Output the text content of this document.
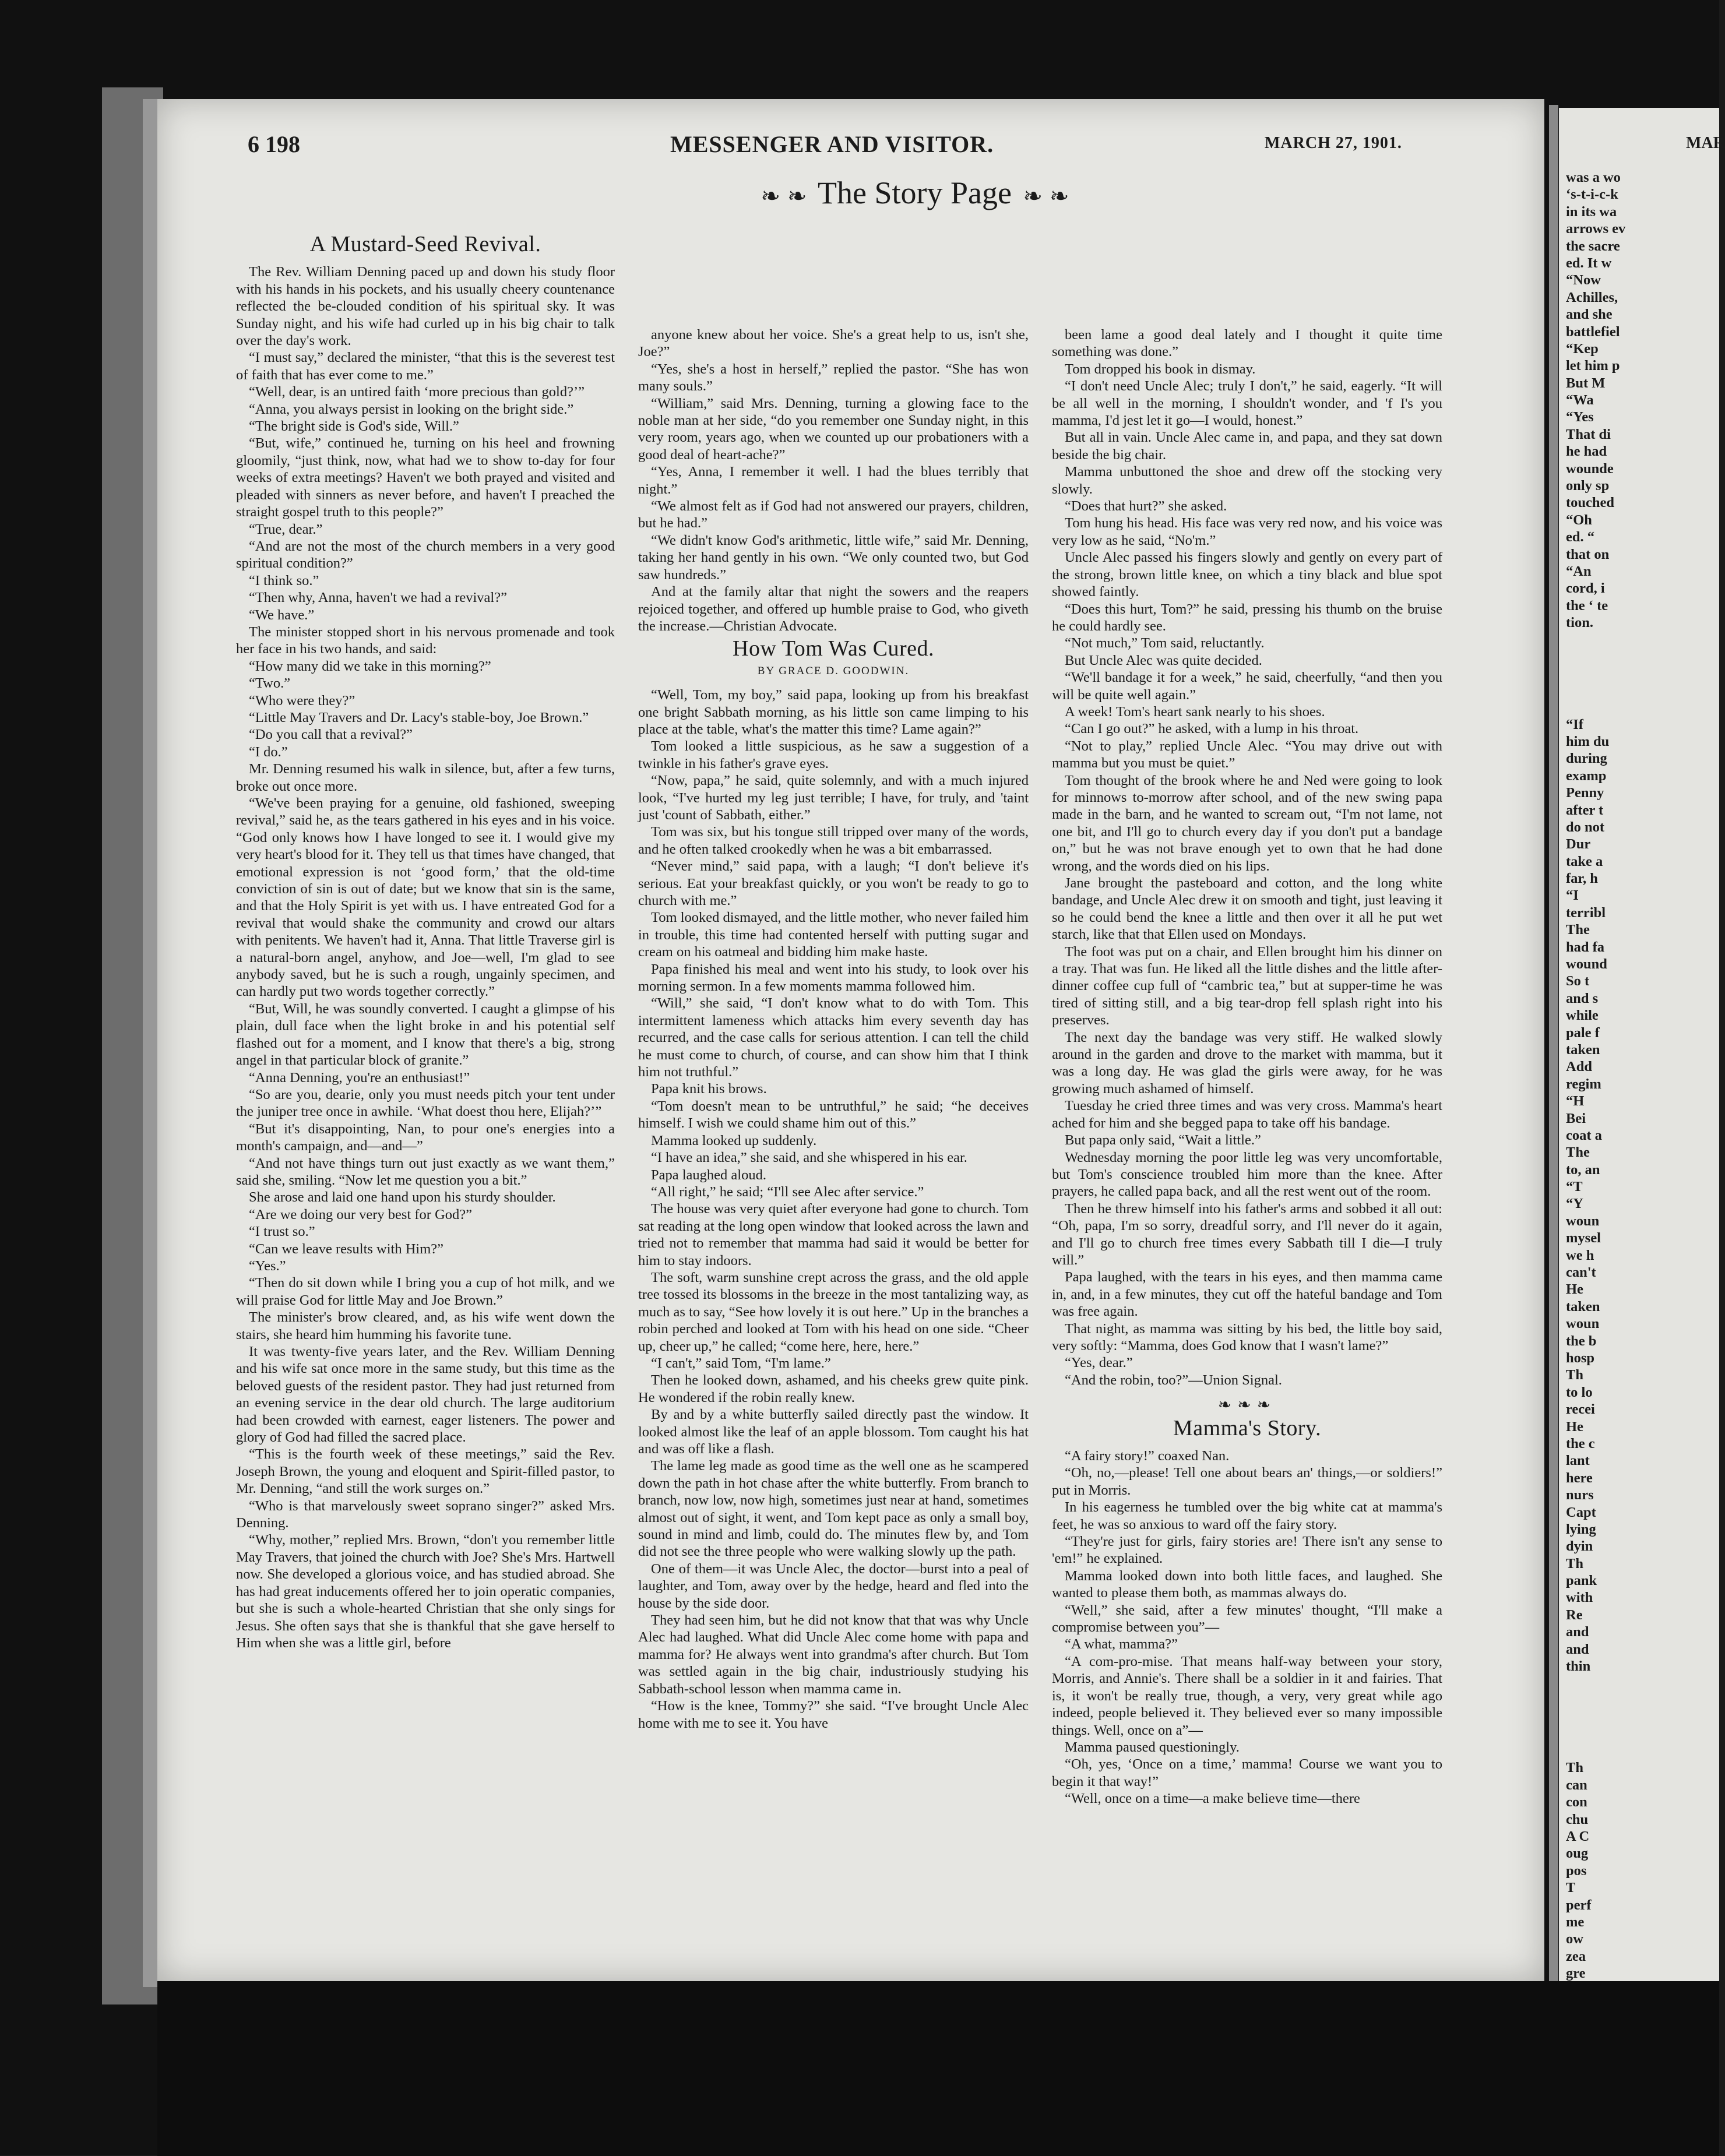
6 198	MESSENGER AND VISITOR.	MARCH 27, 1901.
❧ ❧ The Story Page ❧ ❧
A Mustard-Seed Revival.

The Rev. William Denning paced up and down his study floor with his hands in his pockets, and his usually cheery countenance reflected the be-clouded condition of his spiritual sky. It was Sunday night, and his wife had curled up in his big chair to talk over the day's work.

“I must say,” declared the minister, “that this is the severest test of faith that has ever come to me.”

“Well, dear, is an untired faith ‘more precious than gold?’”

“Anna, you always persist in looking on the bright side.”

“The bright side is God's side, Will.”

“But, wife,” continued he, turning on his heel and frowning gloomily, “just think, now, what had we to show to-day for four weeks of extra meetings? Haven't we both prayed and visited and pleaded with sinners as never before, and haven't I preached the straight gospel truth to this people?”

“True, dear.”

“And are not the most of the church members in a very good spiritual condition?”

“I think so.”

“Then why, Anna, haven't we had a revival?”

“We have.”

The minister stopped short in his nervous promenade and took her face in his two hands, and said:

“How many did we take in this morning?”

“Two.”

“Who were they?”

“Little May Travers and Dr. Lacy's stable-boy, Joe Brown.”

“Do you call that a revival?”

“I do.”

Mr. Denning resumed his walk in silence, but, after a few turns, broke out once more.

“We've been praying for a genuine, old fashioned, sweeping revival,” said he, as the tears gathered in his eyes and in his voice. “God only knows how I have longed to see it. I would give my very heart's blood for it. They tell us that times have changed, that emotional expression is not ‘good form,’ that the old-time conviction of sin is out of date; but we know that sin is the same, and that the Holy Spirit is yet with us. I have entreated God for a revival that would shake the community and crowd our altars with penitents. We haven't had it, Anna. That little Traverse girl is a natural-born angel, anyhow, and Joe—well, I'm glad to see anybody saved, but he is such a rough, ungainly specimen, and can hardly put two words together correctly.”

“But, Will, he was soundly converted. I caught a glimpse of his plain, dull face when the light broke in and his potential self flashed out for a moment, and I know that there's a big, strong angel in that particular block of granite.”

“Anna Denning, you're an enthusiast!”

“So are you, dearie, only you must needs pitch your tent under the juniper tree once in awhile. ‘What doest thou here, Elijah?’”

“But it's disappointing, Nan, to pour one's energies into a month's campaign, and—and—”

“And not have things turn out just exactly as we want them,” said she, smiling. “Now let me question you a bit.”

She arose and laid one hand upon his sturdy shoulder.

“Are we doing our very best for God?”

“I trust so.”

“Can we leave results with Him?”

“Yes.”

“Then do sit down while I bring you a cup of hot milk, and we will praise God for little May and Joe Brown.”

The minister's brow cleared, and, as his wife went down the stairs, she heard him humming his favorite tune.

It was twenty-five years later, and the Rev. William Denning and his wife sat once more in the same study, but this time as the beloved guests of the resident pastor. They had just returned from an evening service in the dear old church. The large auditorium had been crowded with earnest, eager listeners. The power and glory of God had filled the sacred place.

“This is the fourth week of these meetings,” said the Rev. Joseph Brown, the young and eloquent and Spirit-filled pastor, to Mr. Denning, “and still the work surges on.”

“Who is that marvelously sweet soprano singer?” asked Mrs. Denning.

“Why, mother,” replied Mrs. Brown, “don't you remember little May Travers, that joined the church with Joe? She's Mrs. Hartwell now. She developed a glorious voice, and has studied abroad. She has had great inducements offered her to join operatic companies, but she is such a whole-hearted Christian that she only sings for Jesus. She often says that she is thankful that she gave herself to Him when she was a little girl, before

anyone knew about her voice. She's a great help to us, isn't she, Joe?”

“Yes, she's a host in herself,” replied the pastor. “She has won many souls.”

“William,” said Mrs. Denning, turning a glowing face to the noble man at her side, “do you remember one Sunday night, in this very room, years ago, when we counted up our probationers with a good deal of heart-ache?”

“Yes, Anna, I remember it well. I had the blues terribly that night.”

“We almost felt as if God had not answered our prayers, children, but he had.”

“We didn't know God's arithmetic, little wife,” said Mr. Denning, taking her hand gently in his own. “We only counted two, but God saw hundreds.”

And at the family altar that night the sowers and the reapers rejoiced together, and offered up humble praise to God, who giveth the increase.—Christian Advocate.

How Tom Was Cured.
BY GRACE D. GOODWIN.

“Well, Tom, my boy,” said papa, looking up from his breakfast one bright Sabbath morning, as his little son came limping to his place at the table, what's the matter this time? Lame again?”

Tom looked a little suspicious, as he saw a suggestion of a twinkle in his father's grave eyes.

“Now, papa,” he said, quite solemnly, and with a much injured look, “I've hurted my leg just terrible; I have, for truly, and 'taint just 'count of Sabbath, either.”

Tom was six, but his tongue still tripped over many of the words, and he often talked crookedly when he was a bit embarrassed.

“Never mind,” said papa, with a laugh; “I don't believe it's serious. Eat your breakfast quickly, or you won't be ready to go to church with me.”

Tom looked dismayed, and the little mother, who never failed him in trouble, this time had contented herself with putting sugar and cream on his oatmeal and bidding him make haste.

Papa finished his meal and went into his study, to look over his morning sermon. In a few moments mamma followed him.

“Will,” she said, “I don't know what to do with Tom. This intermittent lameness which attacks him every seventh day has recurred, and the case calls for serious attention. I can tell the child he must come to church, of course, and can show him that I think him not truthful.”

Papa knit his brows.

“Tom doesn't mean to be untruthful,” he said; “he deceives himself. I wish we could shame him out of this.”

Mamma looked up suddenly.

“I have an idea,” she said, and she whispered in his ear.

Papa laughed aloud.

“All right,” he said; “I'll see Alec after service.”

The house was very quiet after everyone had gone to church. Tom sat reading at the long open window that looked across the lawn and tried not to remember that mamma had said it would be better for him to stay indoors.

The soft, warm sunshine crept across the grass, and the old apple tree tossed its blossoms in the breeze in the most tantalizing way, as much as to say, “See how lovely it is out here.” Up in the branches a robin perched and looked at Tom with his head on one side. “Cheer up, cheer up,” he called; “come here, here, here.”

“I can't,” said Tom, “I'm lame.”

Then he looked down, ashamed, and his cheeks grew quite pink. He wondered if the robin really knew.

By and by a white butterfly sailed directly past the window. It looked almost like the leaf of an apple blossom. Tom caught his hat and was off like a flash.

The lame leg made as good time as the well one as he scampered down the path in hot chase after the white butterfly. From branch to branch, now low, now high, sometimes just near at hand, sometimes almost out of sight, it went, and Tom kept pace as only a small boy, sound in mind and limb, could do. The minutes flew by, and Tom did not see the three people who were walking slowly up the path.

One of them—it was Uncle Alec, the doctor—burst into a peal of laughter, and Tom, away over by the hedge, heard and fled into the house by the side door.

They had seen him, but he did not know that that was why Uncle Alec had laughed. What did Uncle Alec come home with papa and mamma for? He always went into grandma's after church. But Tom was settled again in the big chair, industriously studying his Sabbath-school lesson when mamma came in.

“How is the knee, Tommy?” she said. “I've brought Uncle Alec home with me to see it. You have

been lame a good deal lately and I thought it quite time something was done.”

Tom dropped his book in dismay.

“I don't need Uncle Alec; truly I don't,” he said, eagerly. “It will be all well in the morning, I shouldn't wonder, and 'f I's you mamma, I'd jest let it go—I would, honest.”

But all in vain. Uncle Alec came in, and papa, and they sat down beside the big chair.

Mamma unbuttoned the shoe and drew off the stocking very slowly.

“Does that hurt?” she asked.

Tom hung his head. His face was very red now, and his voice was very low as he said, “No'm.”

Uncle Alec passed his fingers slowly and gently on every part of the strong, brown little knee, on which a tiny black and blue spot showed faintly.

“Does this hurt, Tom?” he said, pressing his thumb on the bruise he could hardly see.

“Not much,” Tom said, reluctantly.

But Uncle Alec was quite decided.

“We'll bandage it for a week,” he said, cheerfully, “and then you will be quite well again.”

A week! Tom's heart sank nearly to his shoes.

“Can I go out?” he asked, with a lump in his throat.

“Not to play,” replied Uncle Alec. “You may drive out with mamma but you must be quiet.”

Tom thought of the brook where he and Ned were going to look for minnows to-morrow after school, and of the new swing papa made in the barn, and he wanted to scream out, “I'm not lame, not one bit, and I'll go to church every day if you don't put a bandage on,” but he was not brave enough yet to own that he had done wrong, and the words died on his lips.

Jane brought the pasteboard and cotton, and the long white bandage, and Uncle Alec drew it on smooth and tight, just leaving it so he could bend the knee a little and then over it all he put wet starch, like that that Ellen used on Mondays.

The foot was put on a chair, and Ellen brought him his dinner on a tray. That was fun. He liked all the little dishes and the little after-dinner coffee cup full of “cambric tea,” but at supper-time he was tired of sitting still, and a big tear-drop fell splash right into his preserves.

The next day the bandage was very stiff. He walked slowly around in the garden and drove to the market with mamma, but it was a long day. He was glad the girls were away, for he was growing much ashamed of himself.

Tuesday he cried three times and was very cross. Mamma's heart ached for him and she begged papa to take off his bandage.

But papa only said, “Wait a little.”

Wednesday morning the poor little leg was very uncomfortable, but Tom's conscience troubled him more than the knee. After prayers, he called papa back, and all the rest went out of the room.

Then he threw himself into his father's arms and sobbed it all out: “Oh, papa, I'm so sorry, dreadful sorry, and I'll never do it again, and I'll go to church free times every Sabbath till I die—I truly will.”

Papa laughed, with the tears in his eyes, and then mamma came in, and, in a few minutes, they cut off the hateful bandage and Tom was free again.

That night, as mamma was sitting by his bed, the little boy said, very softly: “Mamma, does God know that I wasn't lame?”

“Yes, dear.”

“And the robin, too?”—Union Signal.

❧❧❧
Mamma's Story.

“A fairy story!” coaxed Nan.

“Oh, no,—please! Tell one about bears an' things,—or soldiers!” put in Morris.

In his eagerness he tumbled over the big white cat at mamma's feet, he was so anxious to ward off the fairy story.

“They're just for girls, fairy stories are! There isn't any sense to 'em!” he explained.

Mamma looked down into both little faces, and laughed. She wanted to please them both, as mammas always do.

“Well,” she said, after a few minutes' thought, “I'll make a compromise between you”—

“A what, mamma?”

“A com-pro-mise. That means half-way between your story, Morris, and Annie's. There shall be a soldier in it and fairies. That is, it won't be really true, though, a very, very great while ago indeed, people believed it. They believed ever so many impossible things. Well, once on a”—

Mamma paused questioningly.

“Oh, yes, ‘Once on a time,’ mamma! Course we want you to begin it that way!”

“Well, once on a time—a make believe time—there

MAR
was a wo
‘s-t-i-c-k
in its wa
arrows ev
the sacre
ed. It w
“Now
Achilles,
and she
battlefiel
“Kep
let him p
But M
“Wa
“Yes
That di
he had
wounde
only sp
touched
“Oh
ed. “
that on
“An
cord, i
the ‘ te
tion.
“If
him du
during
examp
Penny
after t
do not
Dur
take a
far, h
“I
terribl
The
had fa
wound
So t
and s
while
pale f
taken
Add
regim
“H
Bei
coat a
The
to, an
“T
“Y
woun
mysel
we h
can't
He
taken
woun
the b
hosp
Th
to lo
recei
He
the c
lant
here
nurs
Capt
lying
dyin
Th
pank
with
Re
and
and
thin
Th
can
con
chu
A C
oug
pos
T
perf
me
ow
zea
gre
